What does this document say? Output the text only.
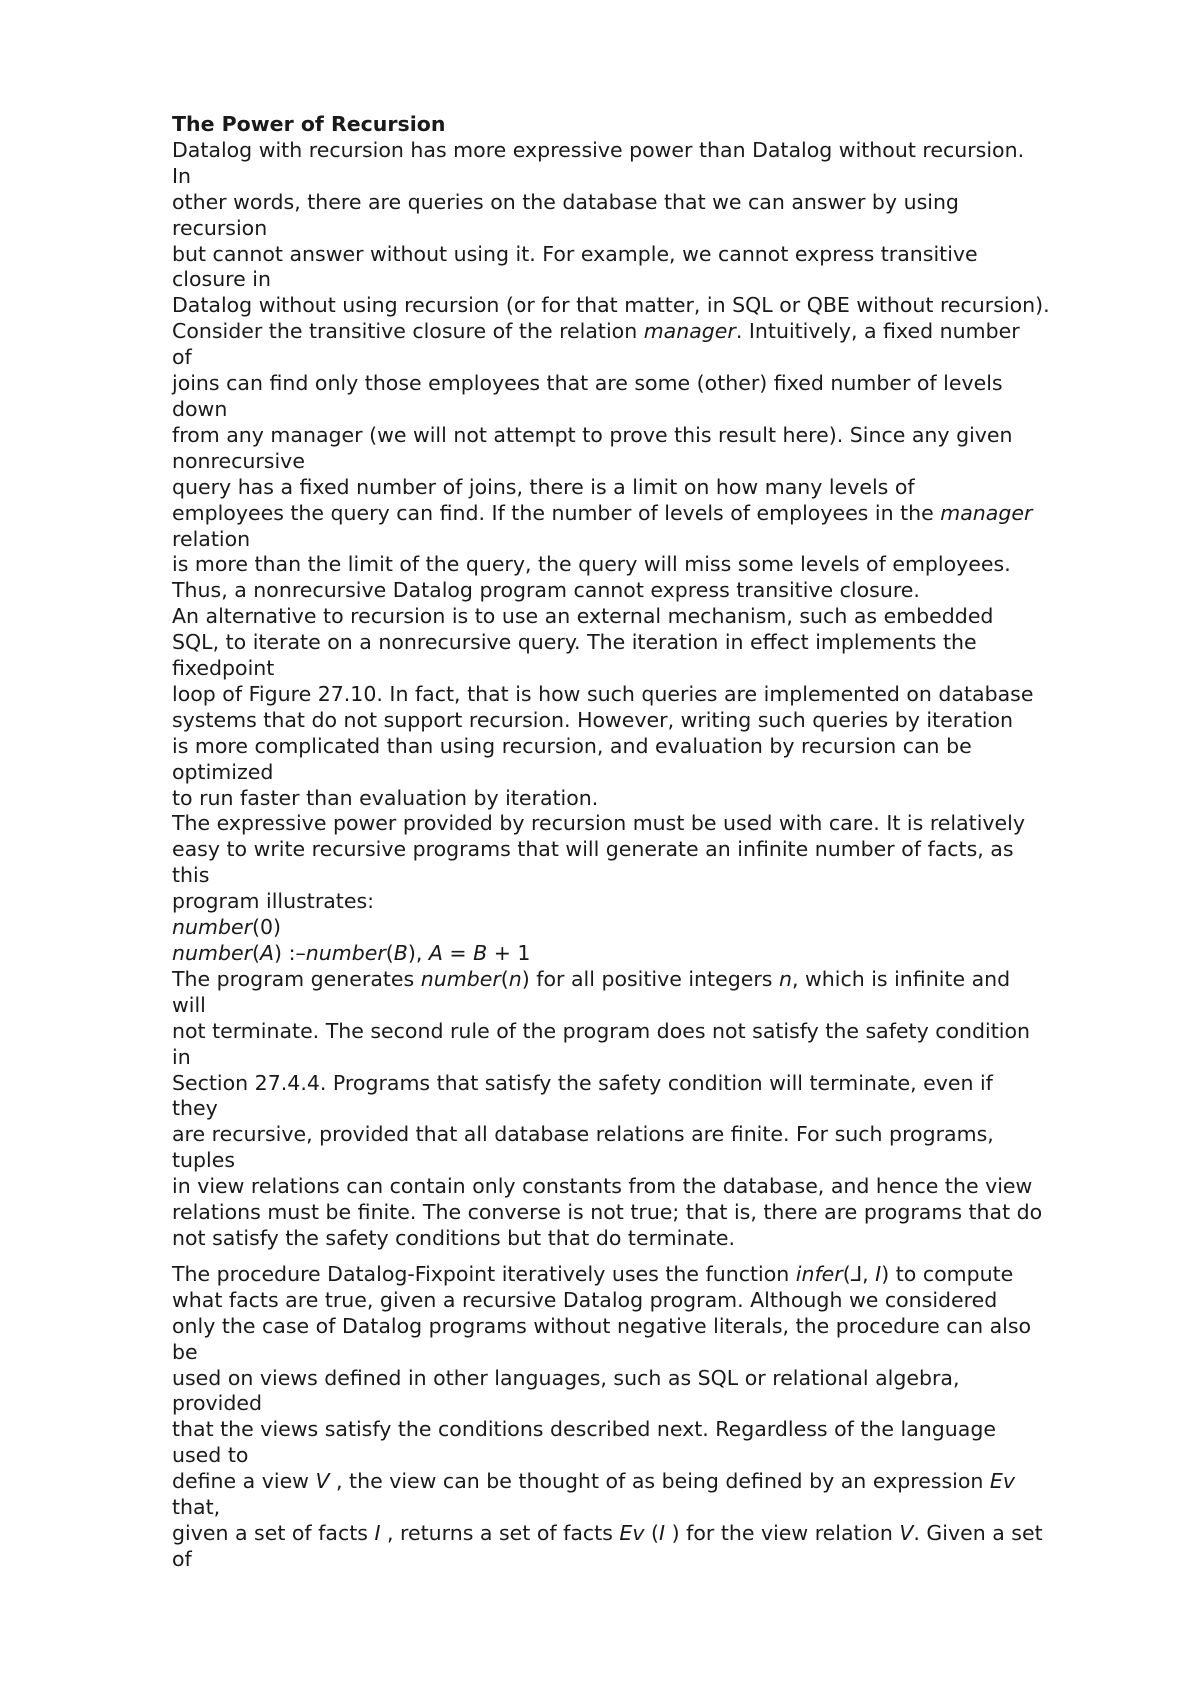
The Power of Recursion
Datalog with recursion has more expressive power than Datalog without recursion.
In
other words, there are queries on the database that we can answer by using
recursion
but cannot answer without using it. For example, we cannot express transitive
closure in
Datalog without using recursion (or for that matter, in SQL or QBE without recursion).
Consider the transitive closure of the relation manager. Intuitively, a fixed number
of
joins can find only those employees that are some (other) fixed number of levels
down
from any manager (we will not attempt to prove this result here). Since any given
nonrecursive
query has a fixed number of joins, there is a limit on how many levels of
employees the query can find. If the number of levels of employees in the manager
relation
is more than the limit of the query, the query will miss some levels of employees.
Thus, a nonrecursive Datalog program cannot express transitive closure.
An alternative to recursion is to use an external mechanism, such as embedded
SQL, to iterate on a nonrecursive query. The iteration in effect implements the
fixedpoint
loop of Figure 27.10. In fact, that is how such queries are implemented on database
systems that do not support recursion. However, writing such queries by iteration
is more complicated than using recursion, and evaluation by recursion can be
optimized
to run faster than evaluation by iteration.
The expressive power provided by recursion must be used with care. It is relatively
easy to write recursive programs that will generate an infinite number of facts, as
this
program illustrates:
number(0)
number(A) :–number(B), A = B + 1
The program generates number(n) for all positive integers n, which is infinite and
will
not terminate. The second rule of the program does not satisfy the safety condition
in
Section 27.4.4. Programs that satisfy the safety condition will terminate, even if
they
are recursive, provided that all database relations are finite. For such programs,
tuples
in view relations can contain only constants from the database, and hence the view
relations must be finite. The converse is not true; that is, there are programs that do
not satisfy the safety conditions but that do terminate.
The procedure Datalog-Fixpoint iteratively uses the function infer(⅃, I) to compute
what facts are true, given a recursive Datalog program. Although we considered
only the case of Datalog programs without negative literals, the procedure can also
be
used on views defined in other languages, such as SQL or relational algebra,
provided
that the views satisfy the conditions described next. Regardless of the language
used to
define a view V , the view can be thought of as being defined by an expression Ev
that,
given a set of facts I , returns a set of facts Ev (I ) for the view relation V. Given a set
of
